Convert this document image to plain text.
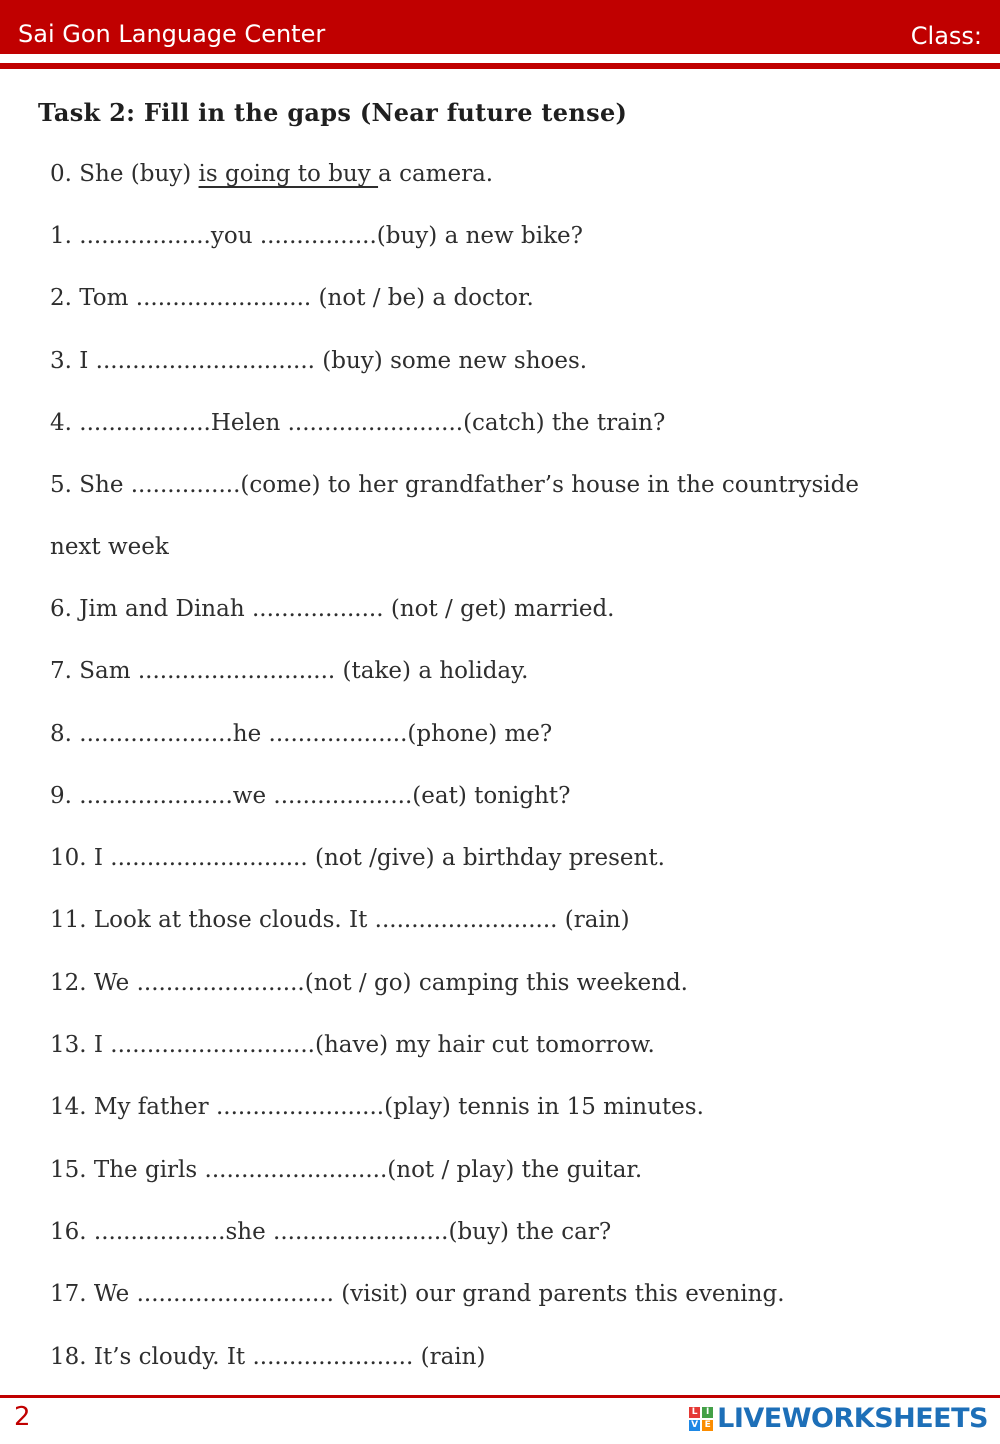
Sai Gon Language Center	Class:
Task 2: Fill in the gaps (Near future tense)
0. She (buy) is going to buy a camera.
1. ..................you ................(buy) a new bike?
2. Tom ........................ (not / be) a doctor.
3. I .............................. (buy) some new shoes.
4. ..................Helen ........................(catch) the train?
5. She ...............(come) to her grandfather’s house in the countryside
next week
6. Jim and Dinah .................. (not / get) married.
7. Sam ........................... (take) a holiday.
8. .....................he ...................(phone) me?
9. .....................we ...................(eat) tonight?
10. I ........................... (not /give) a birthday present.
11. Look at those clouds. It ......................... (rain)
12. We .......................(not / go) camping this weekend.
13. I ............................(have) my hair cut tomorrow.
14. My father .......................(play) tennis in 15 minutes.
15. The girls .........................(not / play) the guitar.
16. ..................she ........................(buy) the car?
17. We ........................... (visit) our grand parents this evening.
18. It’s cloudy. It ...................... (rain)
2	L I
V E LIVEWORKSHEETS
